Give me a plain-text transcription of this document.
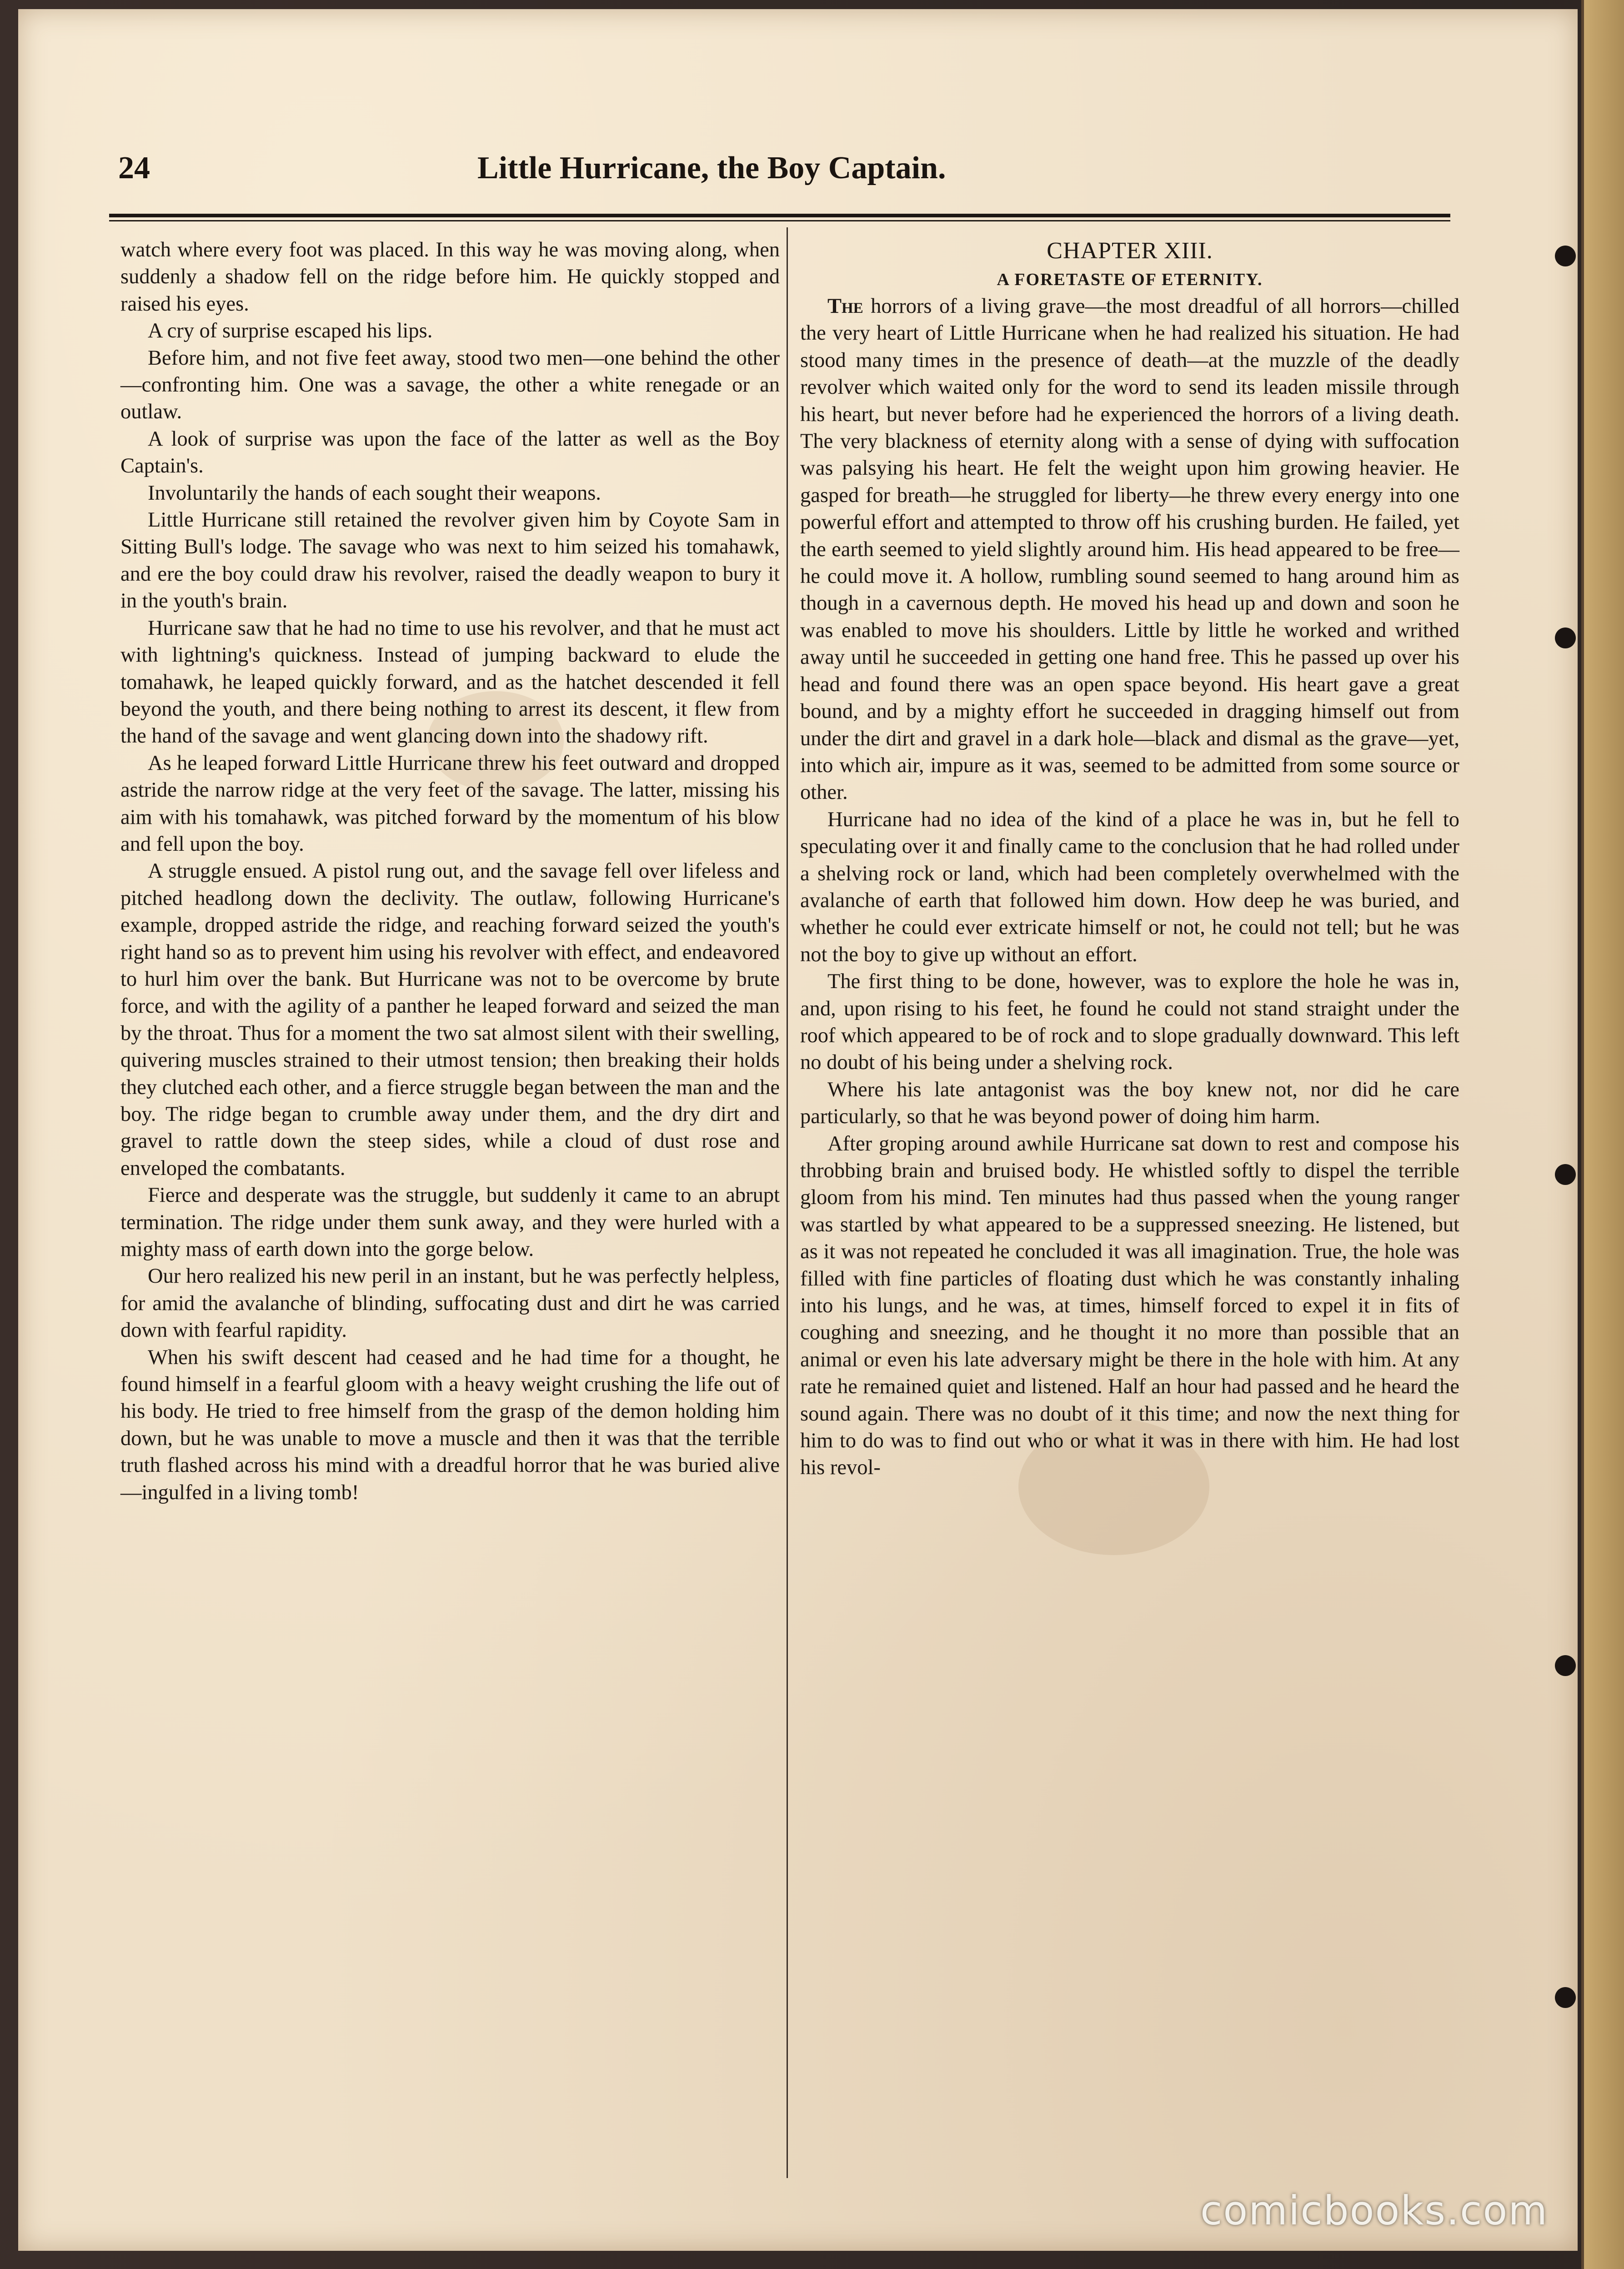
24	Little Hurricane, the Boy Captain.

watch where every foot was placed. In this way he was moving along, when suddenly a shadow fell on the ridge before him. He quickly stopped and raised his eyes.

A cry of surprise escaped his lips.

Before him, and not five feet away, stood two men—one behind the other—confronting him. One was a savage, the other a white renegade or an outlaw.

A look of surprise was upon the face of the latter as well as the Boy Captain's.

Involuntarily the hands of each sought their weapons.

Little Hurricane still retained the revolver given him by Coyote Sam in Sitting Bull's lodge. The savage who was next to him seized his tomahawk, and ere the boy could draw his revolver, raised the deadly weapon to bury it in the youth's brain.

Hurricane saw that he had no time to use his revolver, and that he must act with lightning's quickness. Instead of jumping backward to elude the tomahawk, he leaped quickly forward, and as the hatchet descended it fell beyond the youth, and there being nothing to arrest its descent, it flew from the hand of the savage and went glancing down into the shadowy rift.

As he leaped forward Little Hurricane threw his feet outward and dropped astride the narrow ridge at the very feet of the savage. The latter, missing his aim with his tomahawk, was pitched forward by the momentum of his blow and fell upon the boy.

A struggle ensued. A pistol rung out, and the savage fell over lifeless and pitched headlong down the declivity. The outlaw, following Hurricane's example, dropped astride the ridge, and reaching forward seized the youth's right hand so as to prevent him using his revolver with effect, and endeavored to hurl him over the bank. But Hurricane was not to be overcome by brute force, and with the agility of a panther he leaped forward and seized the man by the throat. Thus for a moment the two sat almost silent with their swelling, quivering muscles strained to their utmost tension; then breaking their holds they clutched each other, and a fierce struggle began between the man and the boy. The ridge began to crumble away under them, and the dry dirt and gravel to rattle down the steep sides, while a cloud of dust rose and enveloped the combatants.

Fierce and desperate was the struggle, but suddenly it came to an abrupt termination. The ridge under them sunk away, and they were hurled with a mighty mass of earth down into the gorge below.

Our hero realized his new peril in an instant, but he was perfectly helpless, for amid the avalanche of blinding, suffocating dust and dirt he was carried down with fearful rapidity.

When his swift descent had ceased and he had time for a thought, he found himself in a fearful gloom with a heavy weight crushing the life out of his body. He tried to free himself from the grasp of the demon holding him down, but he was unable to move a muscle and then it was that the terrible truth flashed across his mind with a dreadful horror that he was buried alive—ingulfed in a living tomb!

CHAPTER XIII.
A FORETASTE OF ETERNITY.

The horrors of a living grave—the most dreadful of all horrors—chilled the very heart of Little Hurricane when he had realized his situation. He had stood many times in the presence of death—at the muzzle of the deadly revolver which waited only for the word to send its leaden missile through his heart, but never before had he experienced the horrors of a living death. The very blackness of eternity along with a sense of dying with suffocation was palsying his heart. He felt the weight upon him growing heavier. He gasped for breath—he struggled for liberty—he threw every energy into one powerful effort and attempted to throw off his crushing burden. He failed, yet the earth seemed to yield slightly around him. His head appeared to be free—he could move it. A hollow, rumbling sound seemed to hang around him as though in a cavernous depth. He moved his head up and down and soon he was enabled to move his shoulders. Little by little he worked and writhed away until he succeeded in getting one hand free. This he passed up over his head and found there was an open space beyond. His heart gave a great bound, and by a mighty effort he succeeded in dragging himself out from under the dirt and gravel in a dark hole—black and dismal as the grave—yet, into which air, impure as it was, seemed to be admitted from some source or other.

Hurricane had no idea of the kind of a place he was in, but he fell to speculating over it and finally came to the conclusion that he had rolled under a shelving rock or land, which had been completely overwhelmed with the avalanche of earth that followed him down. How deep he was buried, and whether he could ever extricate himself or not, he could not tell; but he was not the boy to give up without an effort.

The first thing to be done, however, was to explore the hole he was in, and, upon rising to his feet, he found he could not stand straight under the roof which appeared to be of rock and to slope gradually downward. This left no doubt of his being under a shelving rock.

Where his late antagonist was the boy knew not, nor did he care particularly, so that he was beyond power of doing him harm.

After groping around awhile Hurricane sat down to rest and compose his throbbing brain and bruised body. He whistled softly to dispel the terrible gloom from his mind. Ten minutes had thus passed when the young ranger was startled by what appeared to be a suppressed sneezing. He listened, but as it was not repeated he concluded it was all imagination. True, the hole was filled with fine particles of floating dust which he was constantly inhaling into his lungs, and he was, at times, himself forced to expel it in fits of coughing and sneezing, and he thought it no more than possible that an animal or even his late adversary might be there in the hole with him. At any rate he remained quiet and listened. Half an hour had passed and he heard the sound again. There was no doubt of it this time; and now the next thing for him to do was to find out who or what it was in there with him. He had lost his revol-

comicbooks.com
